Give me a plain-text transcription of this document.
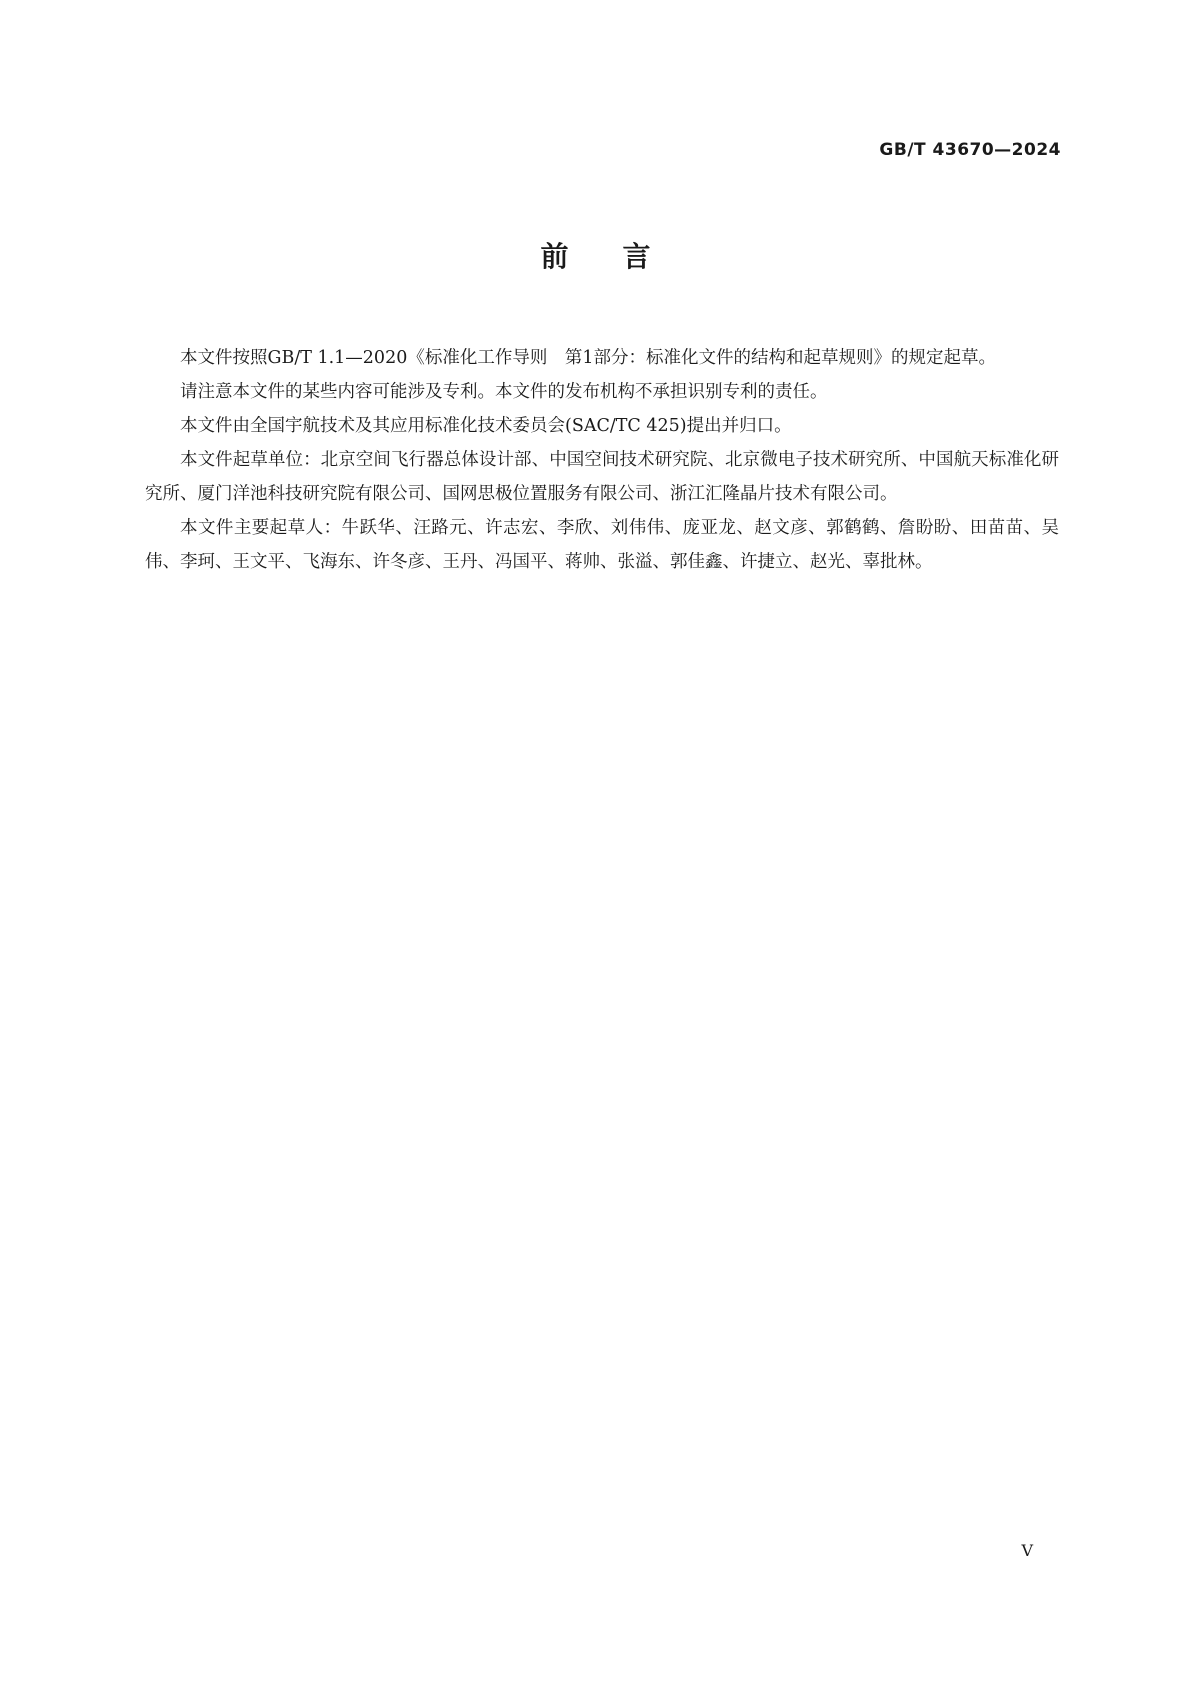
GB/T 43670—2024
前言

本文件按照GB/T 1.1—2020《标准化工作导则　第1部分：标准化文件的结构和起草规则》的规定起草。

请注意本文件的某些内容可能涉及专利。本文件的发布机构不承担识别专利的责任。

本文件由全国宇航技术及其应用标准化技术委员会(SAC/TC 425)提出并归口。

本文件起草单位：北京空间飞行器总体设计部、中国空间技术研究院、北京微电子技术研究所、中国航天标准化研究所、厦门洋池科技研究院有限公司、国网思极位置服务有限公司、浙江汇隆晶片技术有限公司。

本文件主要起草人：牛跃华、汪路元、许志宏、李欣、刘伟伟、庞亚龙、赵文彦、郭鹤鹤、詹盼盼、田苗苗、吴伟、李珂、王文平、飞海东、许冬彦、王丹、冯国平、蒋帅、张溢、郭佳鑫、许捷立、赵光、辜批林。

V
